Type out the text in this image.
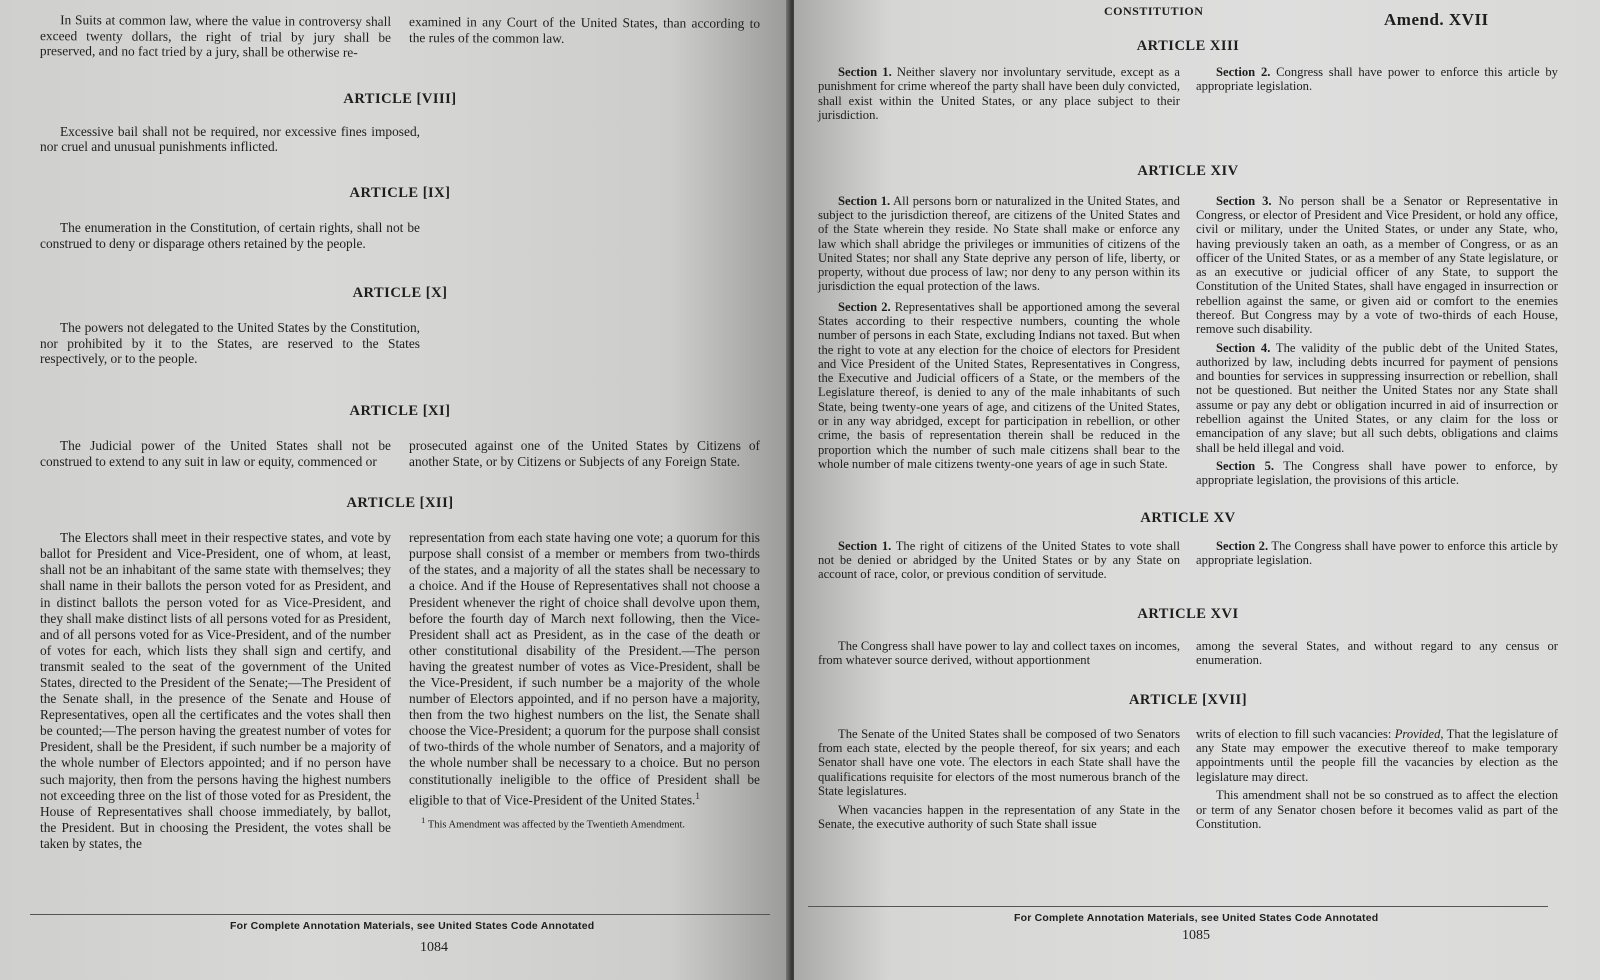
In Suits at common law, where the value in controversy shall exceed twenty dollars, the right of trial by jury shall be preserved, and no fact tried by a jury, shall be otherwise re-

examined in any Court of the United States, than according to the rules of the common law.

ARTICLE [VIII]

Excessive bail shall not be required, nor excessive fines imposed, nor cruel and unusual punishments inflicted.

ARTICLE [IX]

The enumeration in the Constitution, of certain rights, shall not be construed to deny or disparage others retained by the people.

ARTICLE [X]

The powers not delegated to the United States by the Constitution, nor prohibited by it to the States, are reserved to the States respectively, or to the people.

ARTICLE [XI]

The Judicial power of the United States shall not be construed to extend to any suit in law or equity, commenced or

prosecuted against one of the United States by Citizens of another State, or by Citizens or Subjects of any Foreign State.

ARTICLE [XII]

The Electors shall meet in their respective states, and vote by ballot for President and Vice-President, one of whom, at least, shall not be an inhabitant of the same state with themselves; they shall name in their ballots the person voted for as President, and in distinct ballots the person voted for as Vice-President, and they shall make distinct lists of all persons voted for as President, and of all persons voted for as Vice-President, and of the number of votes for each, which lists they shall sign and certify, and transmit sealed to the seat of the government of the United States, directed to the President of the Senate;—The President of the Senate shall, in the presence of the Senate and House of Representatives, open all the certificates and the votes shall then be counted;—The person having the greatest number of votes for President, shall be the President, if such number be a majority of the whole number of Electors appointed; and if no person have such majority, then from the persons having the highest numbers not exceeding three on the list of those voted for as President, the House of Representatives shall choose immediately, by ballot, the President. But in choosing the President, the votes shall be taken by states, the

representation from each state having one vote; a quorum for this purpose shall consist of a member or members from two-thirds of the states, and a majority of all the states shall be necessary to a choice. And if the House of Representatives shall not choose a President whenever the right of choice shall devolve upon them, before the fourth day of March next following, then the Vice-President shall act as President, as in the case of the death or other constitutional disability of the President.—The person having the greatest number of votes as Vice-President, shall be the Vice-President, if such number be a majority of the whole number of Electors appointed, and if no person have a majority, then from the two highest numbers on the list, the Senate shall choose the Vice-President; a quorum for the purpose shall consist of two-thirds of the whole number of Senators, and a majority of the whole number shall be necessary to a choice. But no person constitutionally ineligible to the office of President shall be eligible to that of Vice-President of the United States.$^1$

$^1$ This Amendment was affected by the Twentieth Amendment.

For Complete Annotation Materials, see United States Code Annotated
1084
CONSTITUTION	Amend. XVII
ARTICLE XIII

Section 1. Neither slavery nor involuntary servitude, except as a punishment for crime whereof the party shall have been duly convicted, shall exist within the United States, or any place subject to their jurisdiction.

Section 2. Congress shall have power to enforce this article by appropriate legislation.

ARTICLE XIV

Section 1. All persons born or naturalized in the United States, and subject to the jurisdiction thereof, are citizens of the United States and of the State wherein they reside. No State shall make or enforce any law which shall abridge the privileges or immunities of citizens of the United States; nor shall any State deprive any person of life, liberty, or property, without due process of law; nor deny to any person within its jurisdiction the equal protection of the laws.

Section 2. Representatives shall be apportioned among the several States according to their respective numbers, counting the whole number of persons in each State, excluding Indians not taxed. But when the right to vote at any election for the choice of electors for President and Vice President of the United States, Representatives in Congress, the Executive and Judicial officers of a State, or the members of the Legislature thereof, is denied to any of the male inhabitants of such State, being twenty-one years of age, and citizens of the United States, or in any way abridged, except for participation in rebellion, or other crime, the basis of representation therein shall be reduced in the proportion which the number of such male citizens shall bear to the whole number of male citizens twenty-one years of age in such State.

Section 3. No person shall be a Senator or Representative in Congress, or elector of President and Vice President, or hold any office, civil or military, under the United States, or under any State, who, having previously taken an oath, as a member of Congress, or as an officer of the United States, or as a member of any State legislature, or as an executive or judicial officer of any State, to support the Constitution of the United States, shall have engaged in insurrection or rebellion against the same, or given aid or comfort to the enemies thereof. But Congress may by a vote of two-thirds of each House, remove such disability.

Section 4. The validity of the public debt of the United States, authorized by law, including debts incurred for payment of pensions and bounties for services in suppressing insurrection or rebellion, shall not be questioned. But neither the United States nor any State shall assume or pay any debt or obligation incurred in aid of insurrection or rebellion against the United States, or any claim for the loss or emancipation of any slave; but all such debts, obligations and claims shall be held illegal and void.

Section 5. The Congress shall have power to enforce, by appropriate legislation, the provisions of this article.

ARTICLE XV

Section 1. The right of citizens of the United States to vote shall not be denied or abridged by the United States or by any State on account of race, color, or previous condition of servitude.

Section 2. The Congress shall have power to enforce this article by appropriate legislation.

ARTICLE XVI

The Congress shall have power to lay and collect taxes on incomes, from whatever source derived, without apportionment

among the several States, and without regard to any census or enumeration.

ARTICLE [XVII]

The Senate of the United States shall be composed of two Senators from each state, elected by the people thereof, for six years; and each Senator shall have one vote. The electors in each State shall have the qualifications requisite for electors of the most numerous branch of the State legislatures.

When vacancies happen in the representation of any State in the Senate, the executive authority of such State shall issue

writs of election to fill such vacancies: Provided, That the legislature of any State may empower the executive thereof to make temporary appointments until the people fill the vacancies by election as the legislature may direct.

This amendment shall not be so construed as to affect the election or term of any Senator chosen before it becomes valid as part of the Constitution.

For Complete Annotation Materials, see United States Code Annotated
1085
